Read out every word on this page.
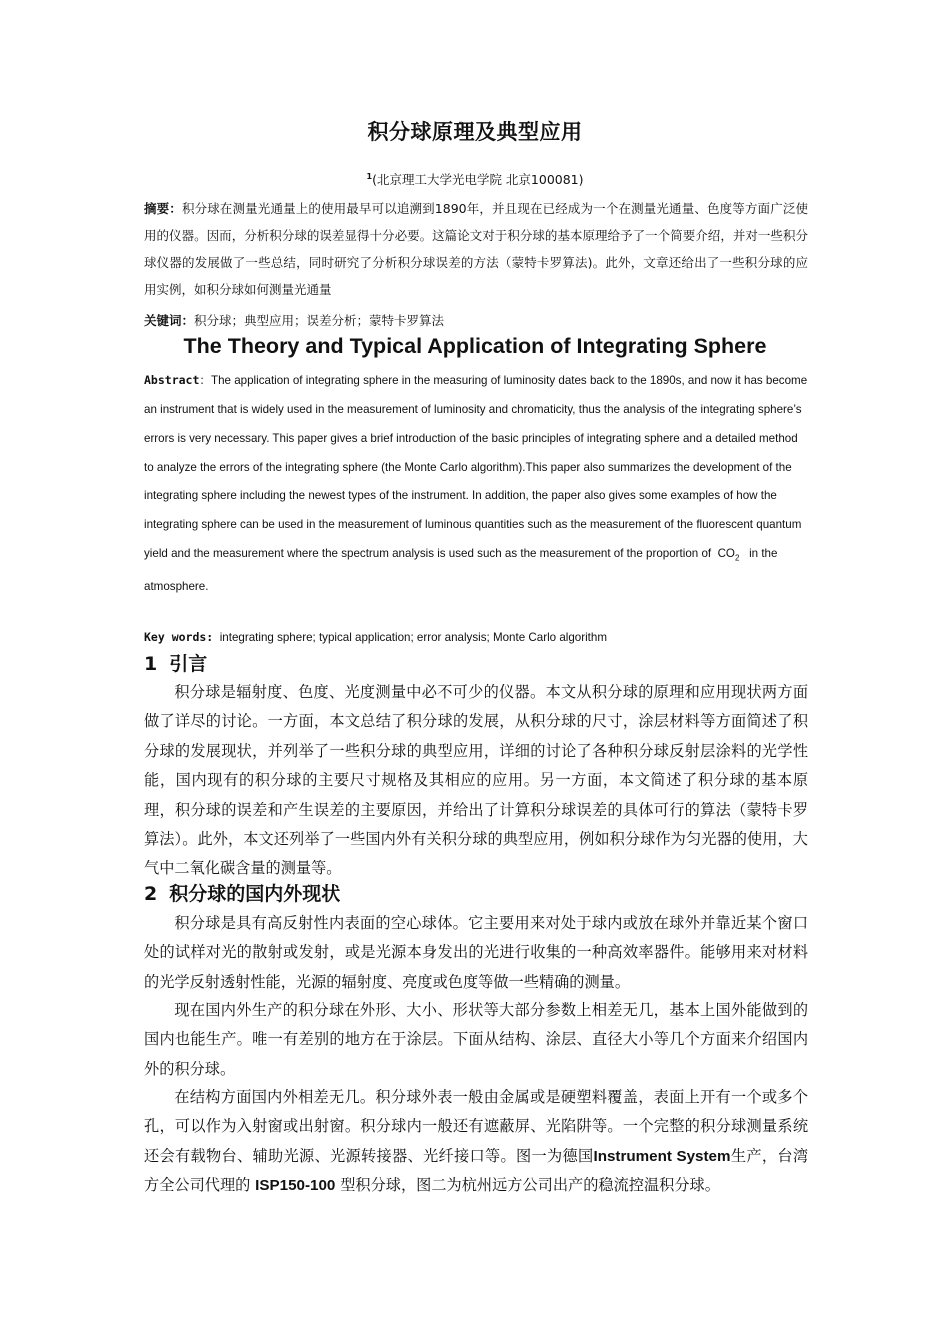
积分球原理及典型应用
$^1$(北京理工大学光电学院 北京100081)
摘要：积分球在测量光通量上的使用最早可以追溯到1890年，并且现在已经成为一个在测量光通量、色度等方面广泛使用的仪器。因而，分析积分球的误差显得十分必要。这篇论文对于积分球的基本原理给予了一个简要介绍，并对一些积分球仪器的发展做了一些总结，同时研究了分析积分球误差的方法（蒙特卡罗算法)。此外，文章还给出了一些积分球的应用实例，如积分球如何测量光通量
关键词：积分球；典型应用；误差分析；蒙特卡罗算法
The Theory and Typical Application of Integrating Sphere
Abstract：The application of integrating sphere in the measuring of luminosity dates back to the 1890s, and now it has become an instrument that is widely used in the measurement of luminosity and chromaticity, thus the analysis of the integrating sphere’s errors is very necessary. This paper gives a brief introduction of the basic principles of integrating sphere and a detailed method to analyze the errors of the integrating sphere (the Monte Carlo algorithm).This paper also summarizes the development of the integrating sphere including the newest types of the instrument. In addition, the paper also gives some examples of how the integrating sphere can be used in the measurement of luminous quantities such as the measurement of the fluorescent quantum yield and the measurement where the spectrum analysis is used such as the measurement of the proportion of $CO_2$ in the atmosphere.
Key words: integrating sphere; typical application; error analysis; Monte Carlo algorithm
1 引言
积分球是辐射度、色度、光度测量中必不可少的仪器。本文从积分球的原理和应用现状两方面做了详尽的讨论。一方面，本文总结了积分球的发展，从积分球的尺寸，涂层材料等方面简述了积分球的发展现状，并列举了一些积分球的典型应用，详细的讨论了各种积分球反射层涂料的光学性能，国内现有的积分球的主要尺寸规格及其相应的应用。另一方面，本文简述了积分球的基本原理，积分球的误差和产生误差的主要原因，并给出了计算积分球误差的具体可行的算法（蒙特卡罗算法）。此外，本文还列举了一些国内外有关积分球的典型应用，例如积分球作为匀光器的使用，大气中二氧化碳含量的测量等。
2 积分球的国内外现状
积分球是具有高反射性内表面的空心球体。它主要用来对处于球内或放在球外并靠近某个窗口处的试样对光的散射或发射，或是光源本身发出的光进行收集的一种高效率器件。能够用来对材料的光学反射透射性能，光源的辐射度、亮度或色度等做一些精确的测量。
现在国内外生产的积分球在外形、大小、形状等大部分参数上相差无几，基本上国外能做到的国内也能生产。唯一有差别的地方在于涂层。下面从结构、涂层、直径大小等几个方面来介绍国内外的积分球。
在结构方面国内外相差无几。积分球外表一般由金属或是硬塑料覆盖，表面上开有一个或多个孔，可以作为入射窗或出射窗。积分球内一般还有遮蔽屏、光陷阱等。一个完整的积分球测量系统还会有载物台、辅助光源、光源转接器、光纤接口等。图一为德国Instrument System生产，台湾方全公司代理的 ISP150-100 型积分球，图二为杭州远方公司出产的稳流控温积分球。
